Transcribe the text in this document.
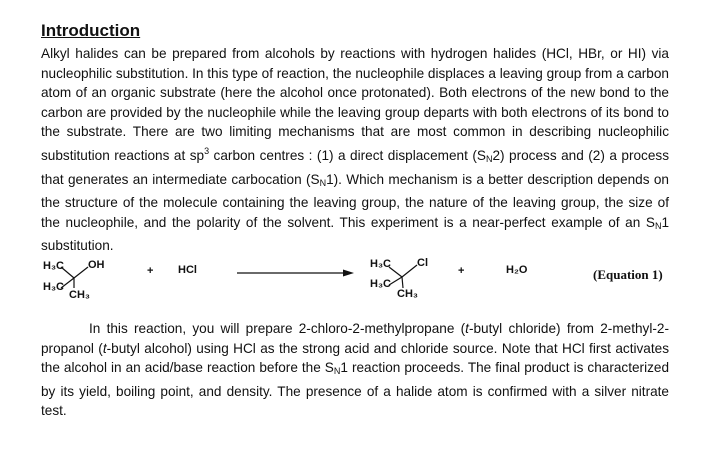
Introduction

Alkyl halides can be prepared from alcohols by reactions with hydrogen halides (HCl, HBr, or HI) via nucleophilic substitution. In this type of reaction, the nucleophile displaces a leaving group from a carbon atom of an organic substrate (here the alcohol once protonated). Both electrons of the new bond to the carbon are provided by the nucleophile while the leaving group departs with both electrons of its bond to the substrate. There are two limiting mechanisms that are most common in describing nucleophilic substitution reactions at $sp^3$ carbon centres : (1) a direct displacement $(S_N2)$ process and (2) a process that generates an intermediate carbocation $(S_N1)$. Which mechanism is a better description depends on the structure of the molecule containing the leaving group, the nature of the leaving group, the size of the nucleophile, and the polarity of the solvent. This experiment is a near-perfect example of an $S_N1$ substitution.

H₃C OH
H₃C
CH₃
+ HCl	H₃C Cl
H₃C
CH₃
+	H₂O	(Equation 1)

In this reaction, you will prepare 2-chloro-2-methylpropane (t-butyl chloride) from 2-methyl-2-propanol (t-butyl alcohol) using HCl as the strong acid and chloride source. Note that HCl first activates the alcohol in an acid/base reaction before the $S_N1$ reaction proceeds. The final product is characterized by its yield, boiling point, and density. The presence of a halide atom is confirmed with a silver nitrate test.
